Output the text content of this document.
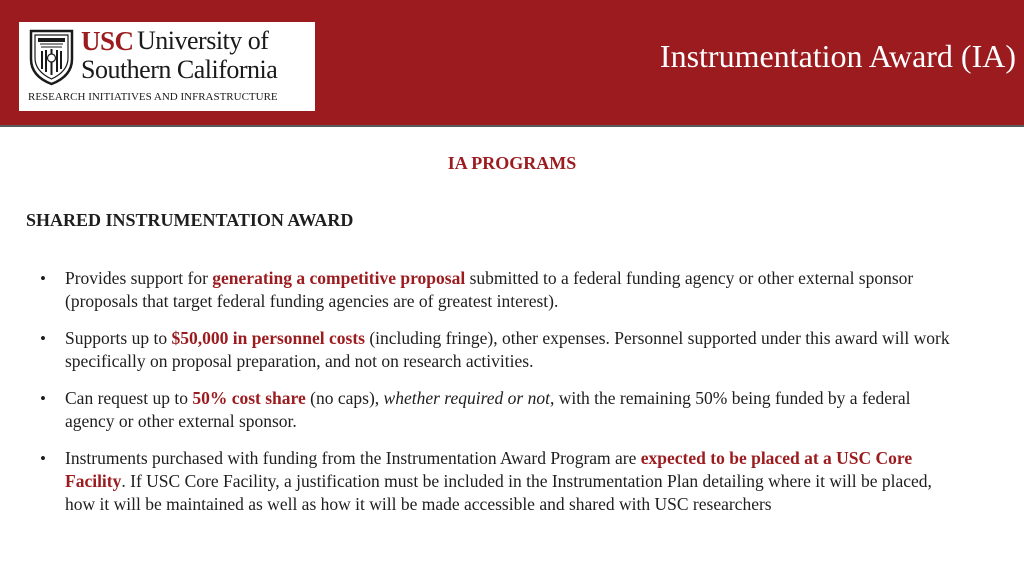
USC University of
Southern California
RESEARCH INITIATIVES AND INFRASTRUCTURE
Instrumentation Award (IA)
IA PROGRAMS
SHARED INSTRUMENTATION AWARD
• Provides support for generating a competitive proposal submitted to a federal funding agency or other external sponsor (proposals that target federal funding agencies are of greatest interest).
• Supports up to $50,000 in personnel costs (including fringe), other expenses. Personnel supported under this award will work specifically on proposal preparation, and not on research activities.
• Can request up to 50% cost share (no caps), whether required or not, with the remaining 50% being funded by a federal agency or other external sponsor.
• Instruments purchased with funding from the Instrumentation Award Program are expected to be placed at a USC Core Facility. If USC Core Facility, a justification must be included in the Instrumentation Plan detailing where it will be placed, how it will be maintained as well as how it will be made accessible and shared with USC researchers
